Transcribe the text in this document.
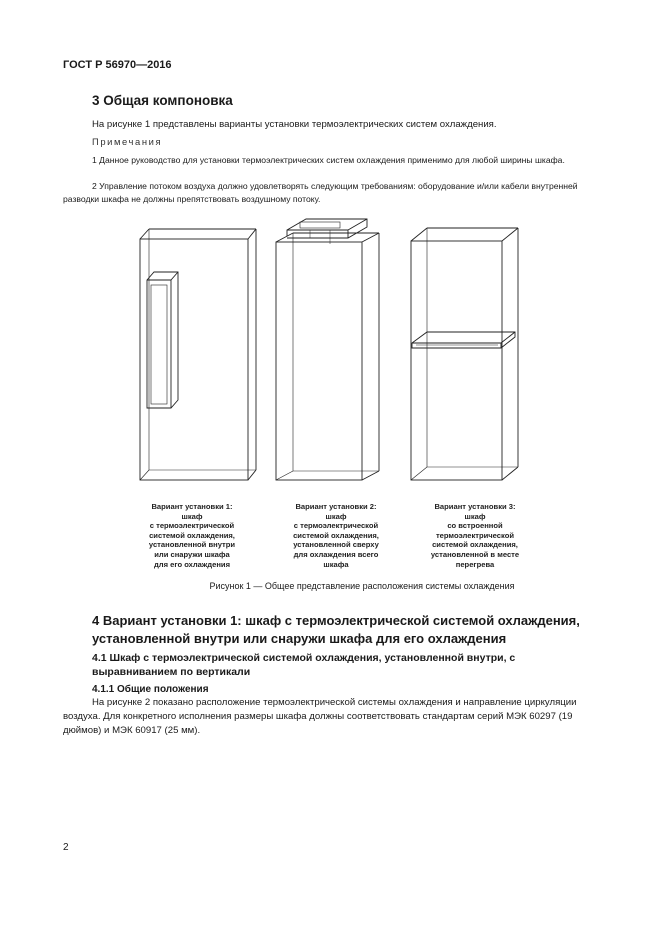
ГОСТ Р 56970—2016
3 Общая компоновка
На рисунке 1 представлены варианты установки термоэлектрических систем охлаждения.
Примечания
1 Данное руководство для установки термоэлектрических систем охлаждения применимо для любой ширины шкафа.
2 Управление потоком воздуха должно удовлетворять следующим требованиям: оборудование и/или кабели внутренней разводки шкафа не должны препятствовать воздушному потоку.
Вариант установки 1:
шкаф
с термоэлектрической
системой охлаждения,
установленной внутри
или снаружи шкафа
для его охлаждения
Вариант установки 2:
шкаф
с термоэлектрической
системой охлаждения,
установленной сверху
для охлаждения всего
шкафа
Вариант установки 3:
шкаф
со встроенной
термоэлектрической
системой охлаждения,
установленной в месте
перегрева
Рисунок 1 — Общее представление расположения системы охлаждения
4 Вариант установки 1: шкаф с термоэлектрической системой охлаждения, установленной внутри или снаружи шкафа для его охлаждения
4.1 Шкаф с термоэлектрической системой охлаждения, установленной внутри, с выравниванием по вертикали
4.1.1 Общие положения
На рисунке 2 показано расположение термоэлектрической системы охлаждения и направление циркуляции воздуха. Для конкретного исполнения размеры шкафа должны соответствовать стандартам серий МЭК 60297 (19 дюймов) и МЭК 60917 (25 мм).
2
